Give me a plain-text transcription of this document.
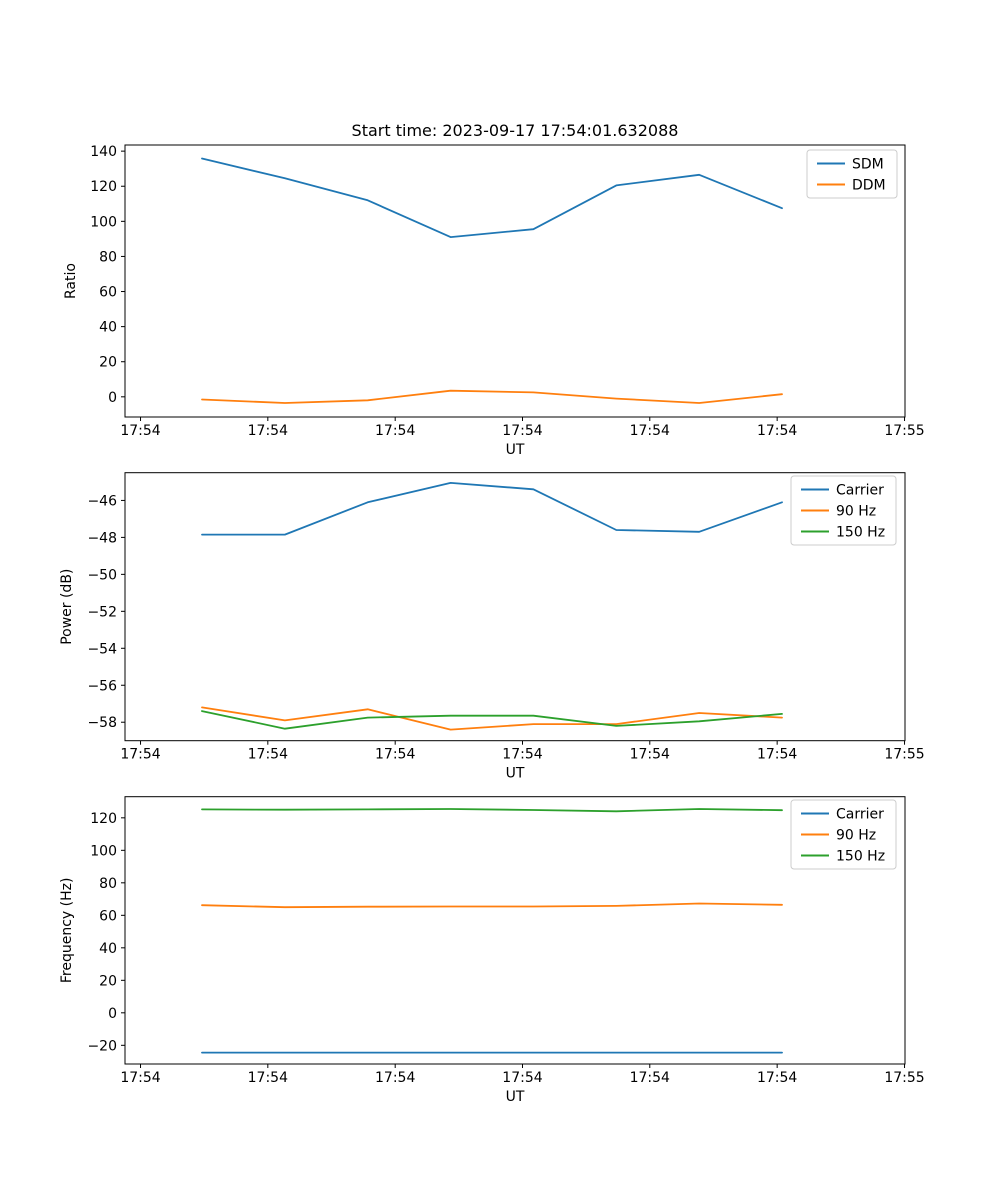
Start time: 2023-09-17 17:54:01.632088
17:54	17:54	17:54	17:54	17:54	17:54	17:55
0
20
40
60
80
100
120
140
UT
Ratio
SDM
DDM
17:54	17:54	17:54	17:54	17:54	17:54	17:55
−58
−56
−54
−52
−50
−48
−46
UT
Power (dB)
Carrier
90 Hz
150 Hz
17:54	17:54	17:54	17:54	17:54	17:54	17:55
−20
0
20
40
60
80
100
120
UT
Frequency (Hz)
Carrier
90 Hz
150 Hz
